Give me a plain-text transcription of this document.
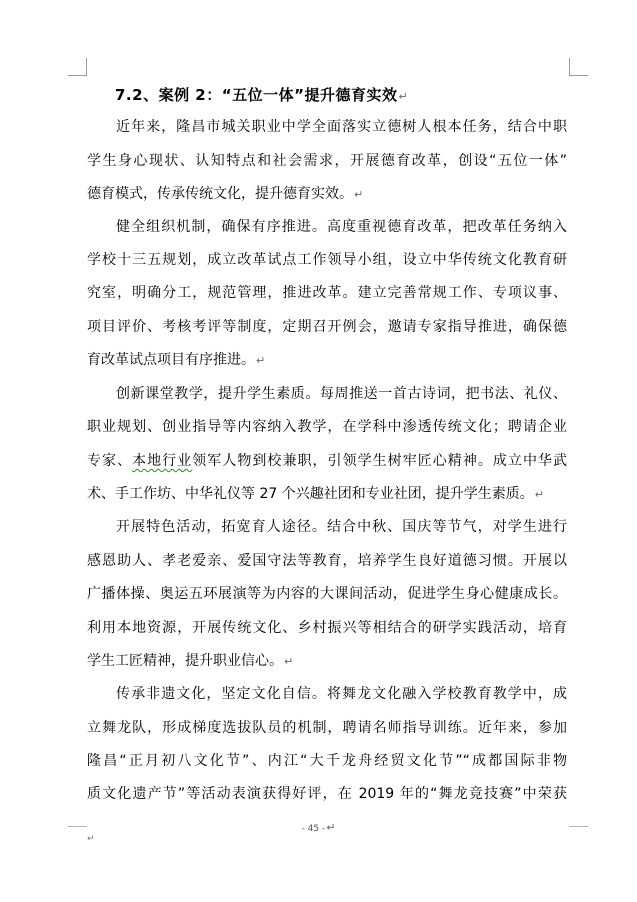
7.2、案例 2：“五位一体”提升德育实效↵
近年来，隆昌市城关职业中学全面落实立德树人根本任务，结合中职
学生身心现状、认知特点和社会需求，开展德育改革，创设“五位一体”
德育模式，传承传统文化，提升德育实效。↵
健全组织机制，确保有序推进。高度重视德育改革，把改革任务纳入
学校十三五规划，成立改革试点工作领导小组，设立中华传统文化教育研
究室，明确分工，规范管理，推进改革。建立完善常规工作、专项议事、
项目评价、考核考评等制度，定期召开例会，邀请专家指导推进，确保德
育改革试点项目有序推进。↵
创新课堂教学，提升学生素质。每周推送一首古诗词，把书法、礼仪、
职业规划、创业指导等内容纳入教学，在学科中渗透传统文化；聘请企业
专家、本地行业领军人物到校兼职，引领学生树牢匠心精神。成立中华武
术、手工作坊、中华礼仪等 27 个兴趣社团和专业社团，提升学生素质。↵
开展特色活动，拓宽育人途径。结合中秋、国庆等节气，对学生进行
感恩助人、孝老爱亲、爱国守法等教育，培养学生良好道德习惯。开展以
广播体操、奥运五环展演等为内容的大课间活动，促进学生身心健康成长。
利用本地资源，开展传统文化、乡村振兴等相结合的研学实践活动，培育
学生工匠精神，提升职业信心。↵
传承非遗文化，坚定文化自信。将舞龙文化融入学校教育教学中，成
立舞龙队，形成梯度选拔队员的机制，聘请名师指导训练。近年来，参加
隆昌“正月初八文化节”、内江“大千龙舟经贸文化节”“成都国际非物
质文化遗产节”等活动表演获得好评，在 2019 年的“舞龙竞技赛”中荣获
- 45 -↵
↵
